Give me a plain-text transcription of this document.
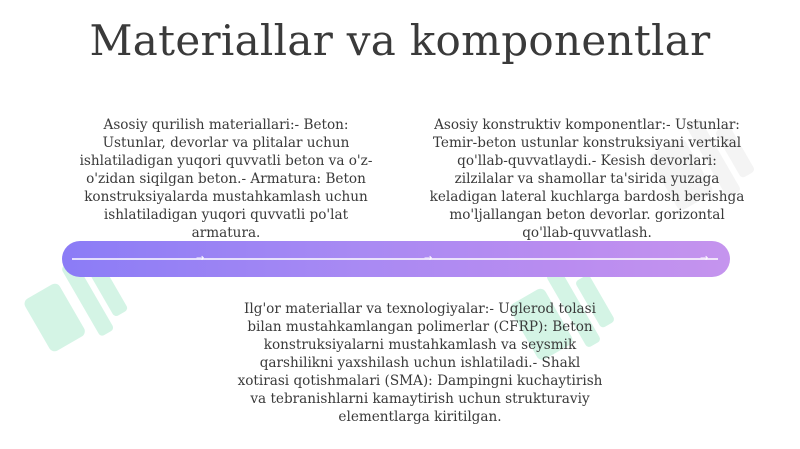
Materiallar va komponentlar
Asosiy qurilish materiallari:- Beton: Ustunlar, devorlar va plitalar uchun ishlatiladigan yuqori quvvatli beton va o'z-o'zidan siqilgan beton.- Armatura: Beton konstruksiyalarda mustahkamlash uchun ishlatiladigan yuqori quvvatli po'lat armatura.
Asosiy konstruktiv komponentlar:- Ustunlar: Temir-beton ustunlar konstruksiyani vertikal qo'llab-quvvatlaydi.- Kesish devorlari: zilzilalar va shamollar ta'sirida yuzaga keladigan lateral kuchlarga bardosh berishga mo'ljallangan beton devorlar. gorizontal qo'llab-quvvatlash.
→	→	→
Ilg'or materiallar va texnologiyalar:- Uglerod tolasi bilan mustahkamlangan polimerlar (CFRP): Beton konstruksiyalarni mustahkamlash va seysmik qarshilikni yaxshilash uchun ishlatiladi.- Shakl xotirasi qotishmalari (SMA): Dampingni kuchaytirish va tebranishlarni kamaytirish uchun strukturaviy elementlarga kiritilgan.
